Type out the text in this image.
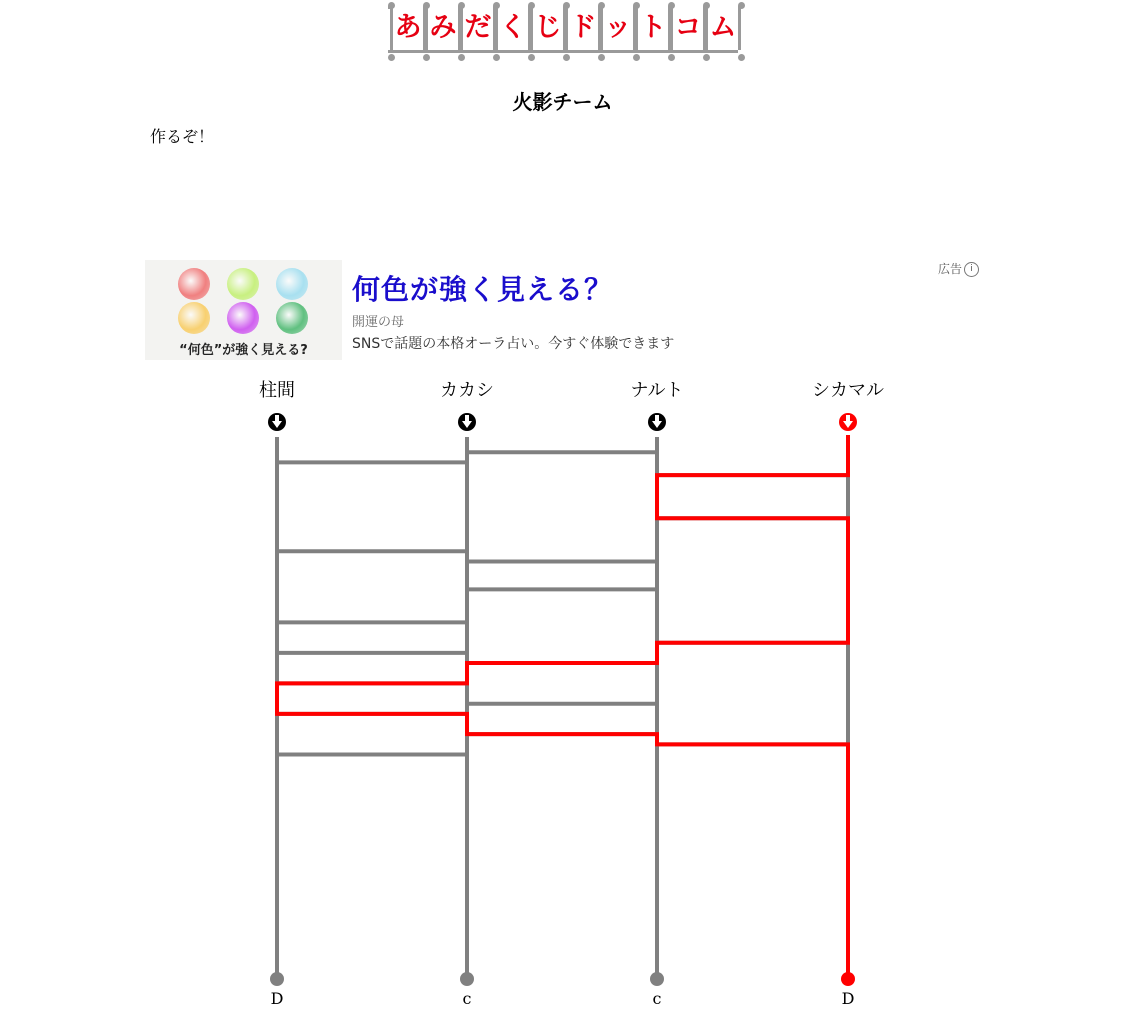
あ み だ く じ ド ッ ト コ ム
火影チーム
作るぞ！
“何色”が強く見える?
何色が強く見える？
開運の母
SNSで話題の本格オーラ占い。今すぐ体験できます
広告 i
柱間	カカシ	ナルト	シカマル
D	c	c	D
